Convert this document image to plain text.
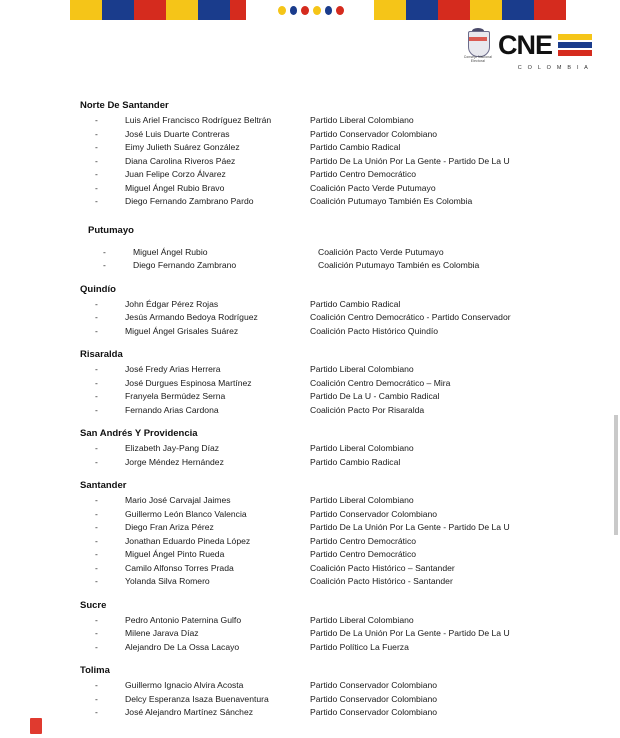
Consejo Nacional Electoral
CNE
C O L O M B I A
Norte De Santander
-	Luis Ariel Francisco Rodríguez Beltrán	Partido Liberal Colombiano
-	José Luis Duarte Contreras	Partido Conservador Colombiano
-	Eimy Julieth Suárez González	Partido Cambio Radical
-	Diana Carolina Riveros Páez	Partido De La Unión Por La Gente - Partido De La U
-	Juan Felipe Corzo Álvarez	Partido Centro Democrático
-	Miguel Ángel Rubio Bravo	Coalición Pacto Verde Putumayo
-	Diego Fernando Zambrano Pardo	Coalición Putumayo También Es Colombia
Putumayo
-	Miguel Ángel Rubio	Coalición Pacto Verde Putumayo
-	Diego Fernando Zambrano	Coalición Putumayo También es Colombia
Quindío
-	John Édgar Pérez Rojas	Partido Cambio Radical
-	Jesús Armando Bedoya Rodríguez	Coalición Centro Democrático - Partido Conservador
-	Miguel Ángel Grisales Suárez	Coalición Pacto Histórico Quindío
Risaralda
-	José Fredy Arias Herrera	Partido Liberal Colombiano
-	José Durgues Espinosa Martínez	Coalición Centro Democrático – Mira
-	Franyela Bermúdez Serna	Partido De La U - Cambio Radical
-	Fernando Arias Cardona	Coalición Pacto Por Risaralda
San Andrés Y Providencia
-	Elizabeth Jay-Pang Díaz	Partido Liberal Colombiano
-	Jorge Méndez Hernández	Partido Cambio Radical
Santander
-	Mario José Carvajal Jaimes	Partido Liberal Colombiano
-	Guillermo León Blanco Valencia	Partido Conservador Colombiano
-	Diego Fran Ariza Pérez	Partido De La Unión Por La Gente - Partido De La U
-	Jonathan Eduardo Pineda López	Partido Centro Democrático
-	Miguel Ángel Pinto Rueda	Partido Centro Democrático
-	Camilo Alfonso Torres Prada	Coalición Pacto Histórico – Santander
-	Yolanda Silva Romero	Coalición Pacto Histórico - Santander
Sucre
-	Pedro Antonio Paternina Gulfo	Partido Liberal Colombiano
-	Milene Jarava Díaz	Partido De La Unión Por La Gente - Partido De La U
-	Alejandro De La Ossa Lacayo	Partido Político La Fuerza
Tolima
-	Guillermo Ignacio Alvira Acosta	Partido Conservador Colombiano
-	Delcy Esperanza Isaza Buenaventura	Partido Conservador Colombiano
-	José Alejandro Martínez Sánchez	Partido Conservador Colombiano
